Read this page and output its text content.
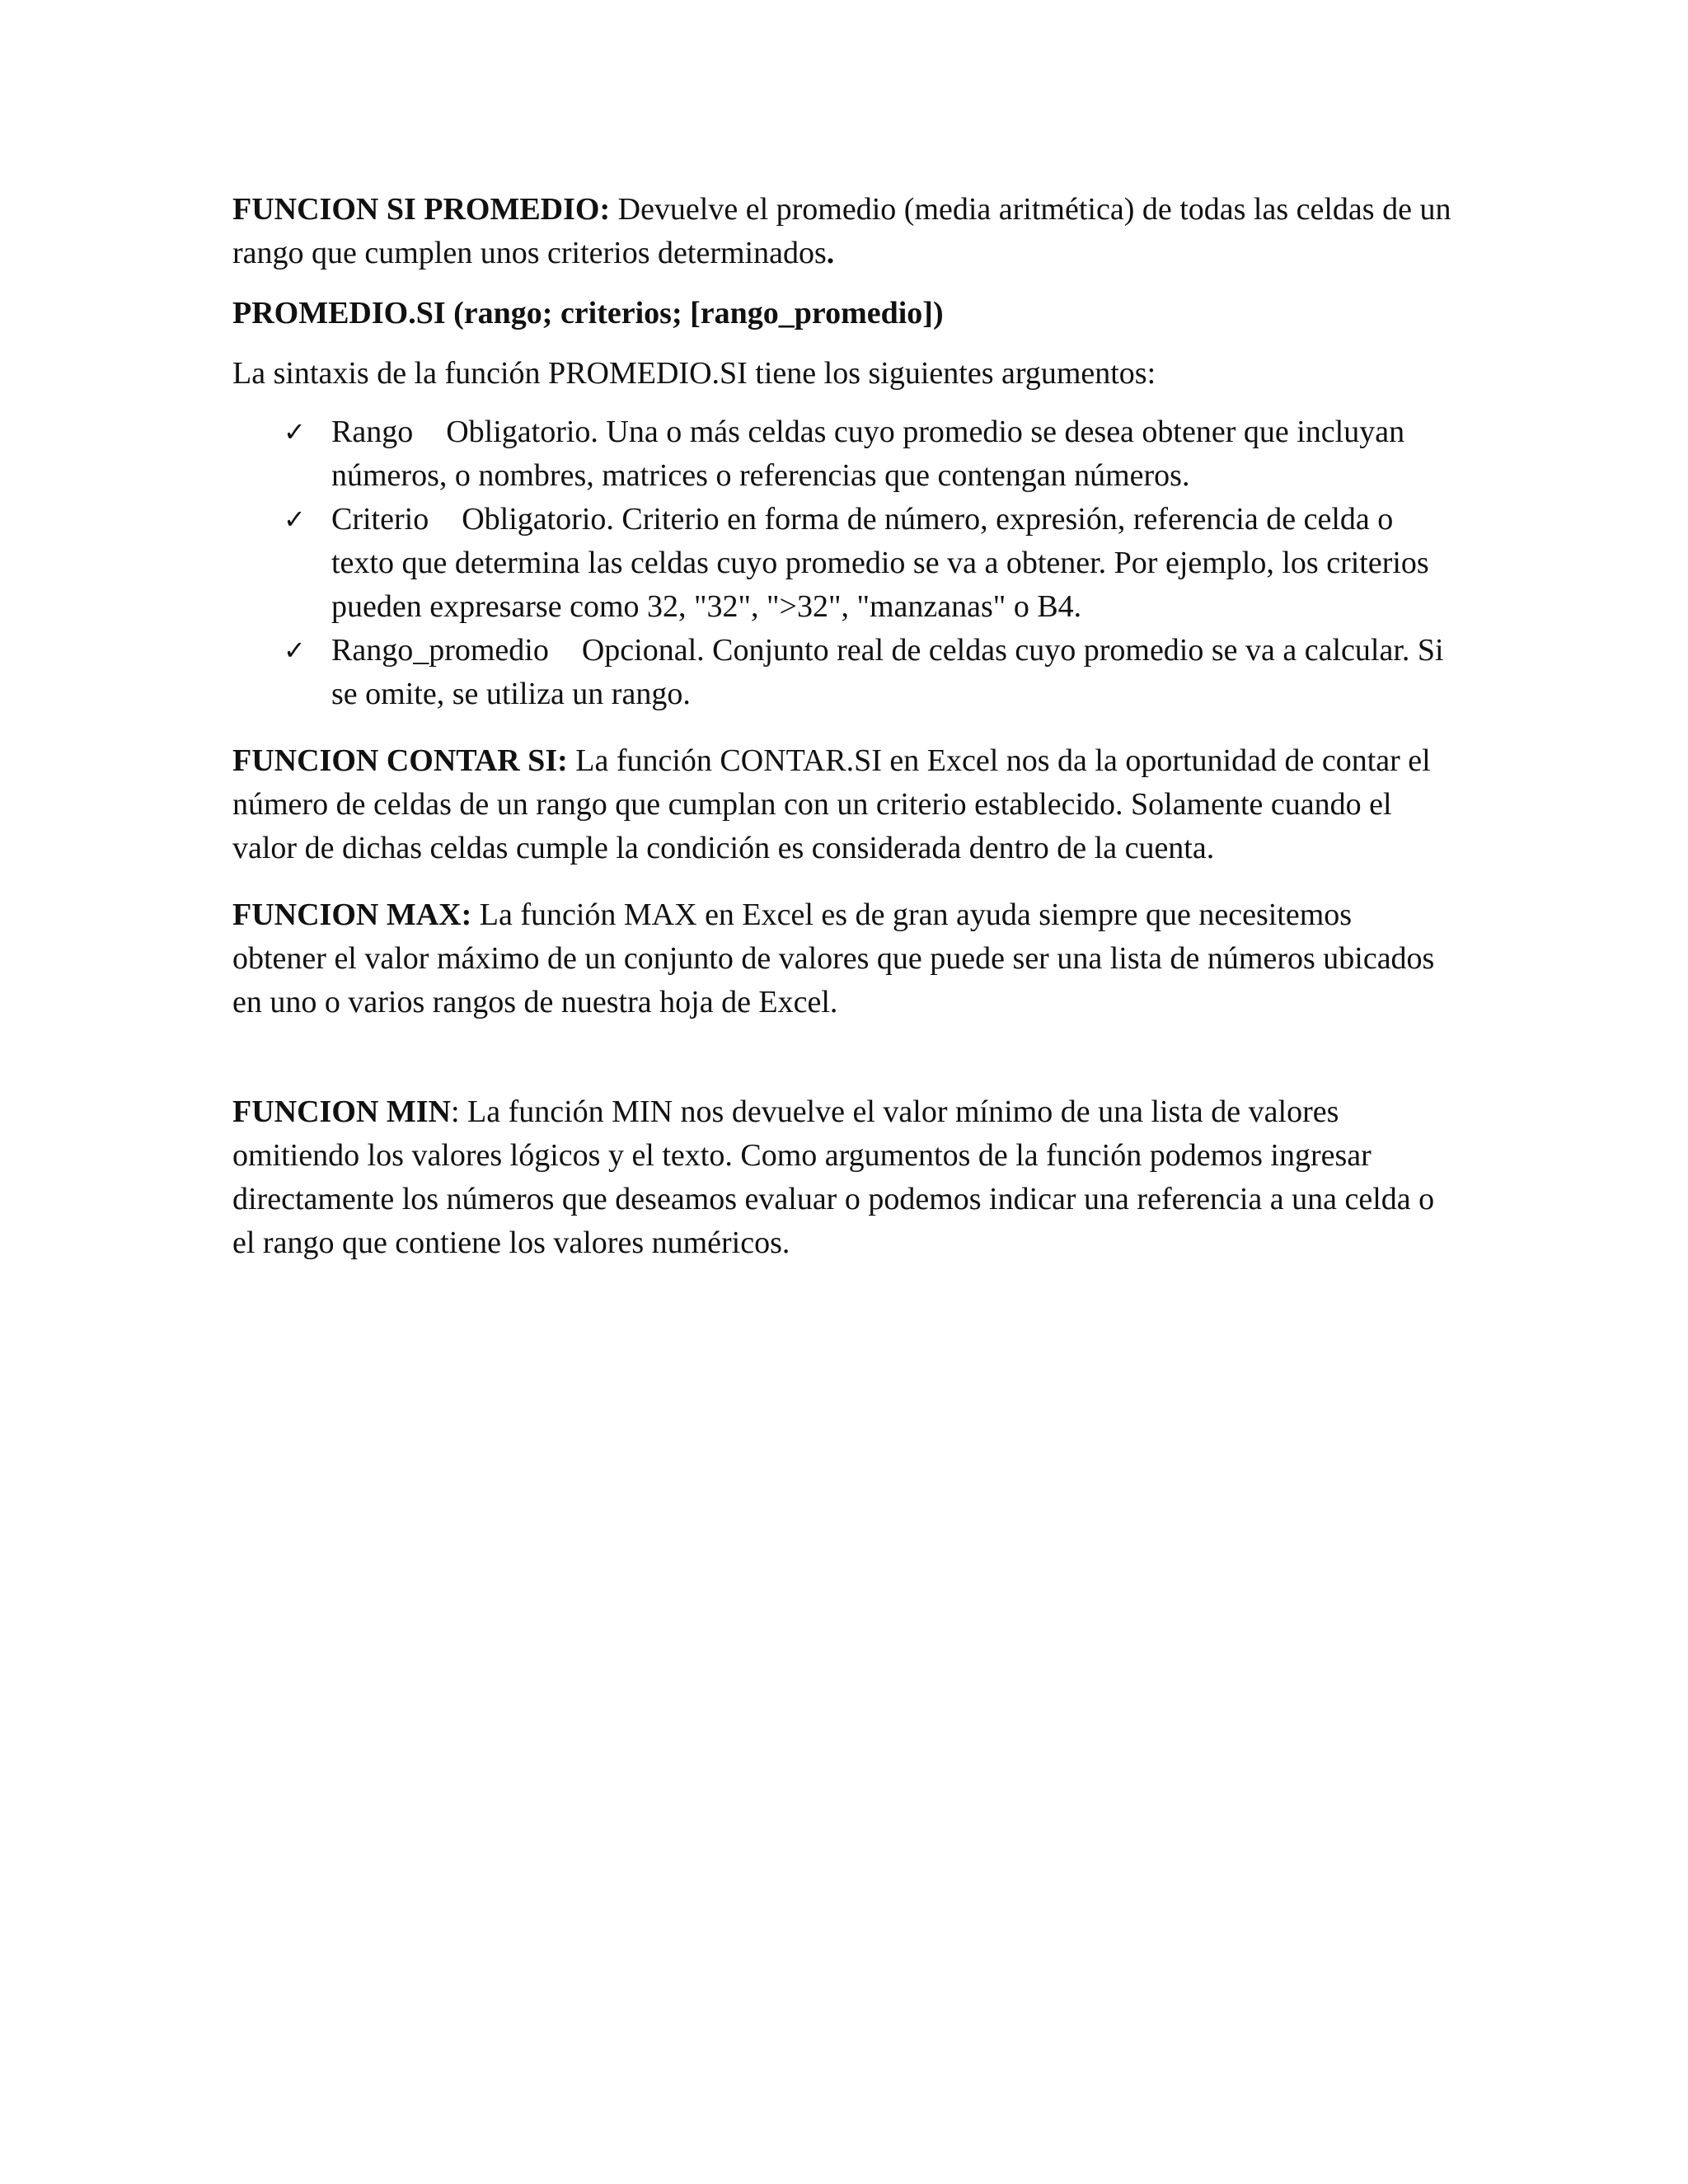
FUNCION SI PROMEDIO: Devuelve el promedio (media aritmética) de todas las celdas de un rango que cumplen unos criterios determinados.

PROMEDIO.SI (rango; criterios; [rango_promedio])

La sintaxis de la función PROMEDIO.SI tiene los siguientes argumentos:

✓ Rango Obligatorio. Una o más celdas cuyo promedio se desea obtener que incluyan números, o nombres, matrices o referencias que contengan números.
✓ Criterio Obligatorio. Criterio en forma de número, expresión, referencia de celda o texto que determina las celdas cuyo promedio se va a obtener. Por ejemplo, los criterios pueden expresarse como 32, "32", ">32", "manzanas" o B4.
✓ Rango_promedio Opcional. Conjunto real de celdas cuyo promedio se va a calcular. Si se omite, se utiliza un rango.

FUNCION CONTAR SI: La función CONTAR.SI en Excel nos da la oportunidad de contar el número de celdas de un rango que cumplan con un criterio establecido. Solamente cuando el valor de dichas celdas cumple la condición es considerada dentro de la cuenta.

FUNCION MAX: La función MAX en Excel es de gran ayuda siempre que necesitemos obtener el valor máximo de un conjunto de valores que puede ser una lista de números ubicados en uno o varios rangos de nuestra hoja de Excel.

FUNCION MIN: La función MIN nos devuelve el valor mínimo de una lista de valores omitiendo los valores lógicos y el texto. Como argumentos de la función podemos ingresar directamente los números que deseamos evaluar o podemos indicar una referencia a una celda o el rango que contiene los valores numéricos.
